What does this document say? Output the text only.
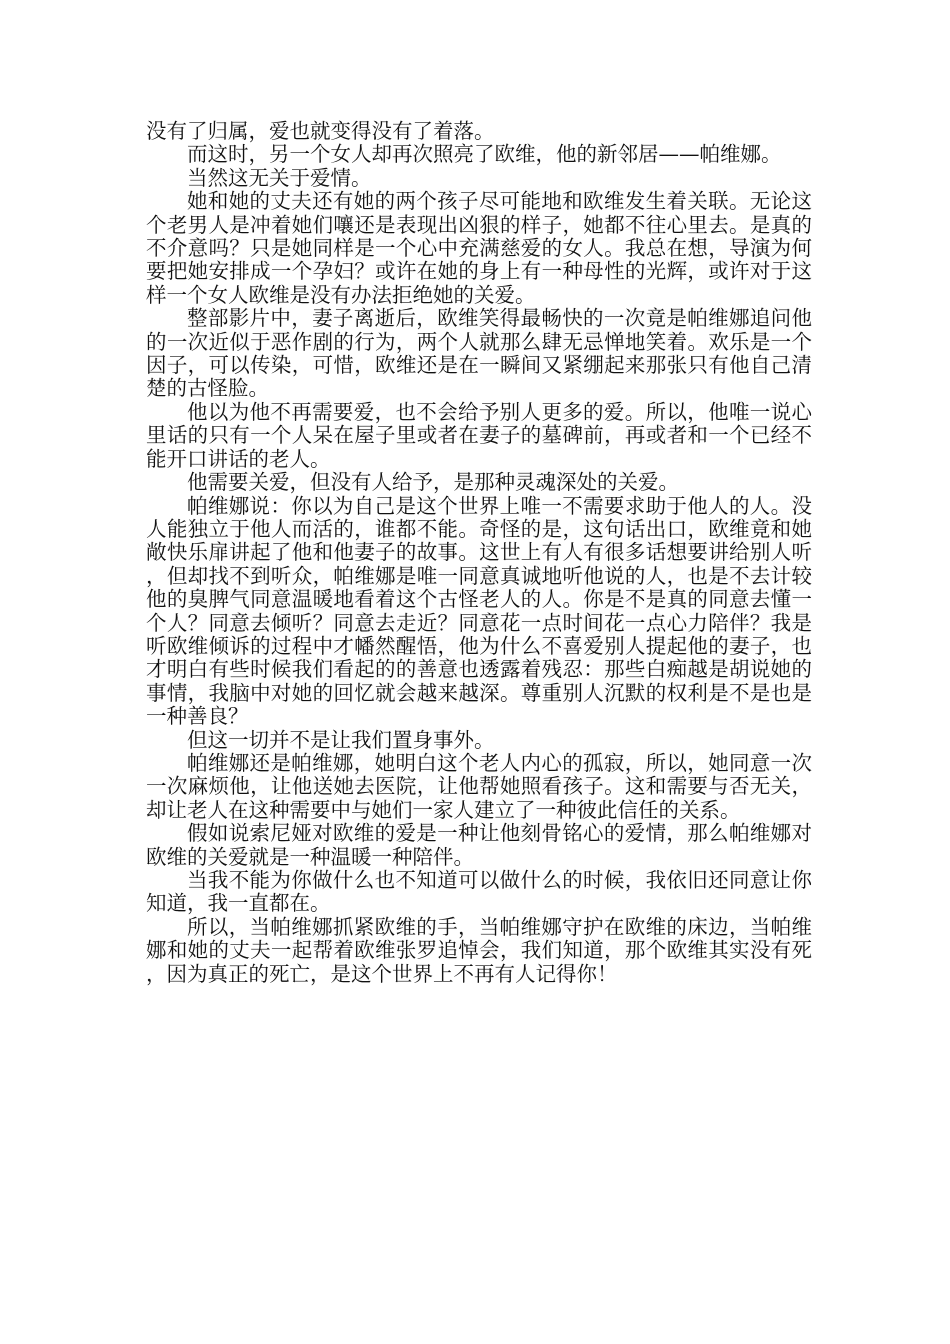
没有了归属，爱也就变得没有了着落。

而这时，另一个女人却再次照亮了欧维，他的新邻居——帕维娜。

当然这无关于爱情。

她和她的丈夫还有她的两个孩子尽可能地和欧维发生着关联。无论这个老男人是冲着她们嚷还是表现出凶狠的样子，她都不往心里去。是真的不介意吗？只是她同样是一个心中充满慈爱的女人。我总在想，导演为何要把她安排成一个孕妇？或许在她的身上有一种母性的光辉，或许对于这样一个女人欧维是没有办法拒绝她的关爱。

整部影片中，妻子离逝后，欧维笑得最畅快的一次竟是帕维娜追问他的一次近似于恶作剧的行为，两个人就那么肆无忌惮地笑着。欢乐是一个因子，可以传染，可惜，欧维还是在一瞬间又紧绷起来那张只有他自己清楚的古怪脸。

他以为他不再需要爱，也不会给予别人更多的爱。所以，他唯一说心里话的只有一个人呆在屋子里或者在妻子的墓碑前，再或者和一个已经不能开口讲话的老人。

他需要关爱，但没有人给予，是那种灵魂深处的关爱。

帕维娜说：你以为自己是这个世界上唯一不需要求助于他人的人。没人能独立于他人而活的，谁都不能。奇怪的是，这句话出口，欧维竟和她敞快乐扉讲起了他和他妻子的故事。这世上有人有很多话想要讲给别人听，但却找不到听众，帕维娜是唯一同意真诚地听他说的人，也是不去计较他的臭脾气同意温暖地看着这个古怪老人的人。你是不是真的同意去懂一个人？同意去倾听？同意去走近？同意花一点时间花一点心力陪伴？我是听欧维倾诉的过程中才幡然醒悟，他为什么不喜爱别人提起他的妻子，也才明白有些时候我们看起的的善意也透露着残忍：那些白痴越是胡说她的事情，我脑中对她的回忆就会越来越深。尊重别人沉默的权利是不是也是一种善良？

但这一切并不是让我们置身事外。

帕维娜还是帕维娜，她明白这个老人内心的孤寂，所以，她同意一次一次麻烦他，让他送她去医院，让他帮她照看孩子。这和需要与否无关，却让老人在这种需要中与她们一家人建立了一种彼此信任的关系。

假如说索尼娅对欧维的爱是一种让他刻骨铭心的爱情，那么帕维娜对欧维的关爱就是一种温暖一种陪伴。

当我不能为你做什么也不知道可以做什么的时候，我依旧还同意让你知道，我一直都在。

所以，当帕维娜抓紧欧维的手，当帕维娜守护在欧维的床边，当帕维娜和她的丈夫一起帮着欧维张罗追悼会，我们知道，那个欧维其实没有死，因为真正的死亡，是这个世界上不再有人记得你！
